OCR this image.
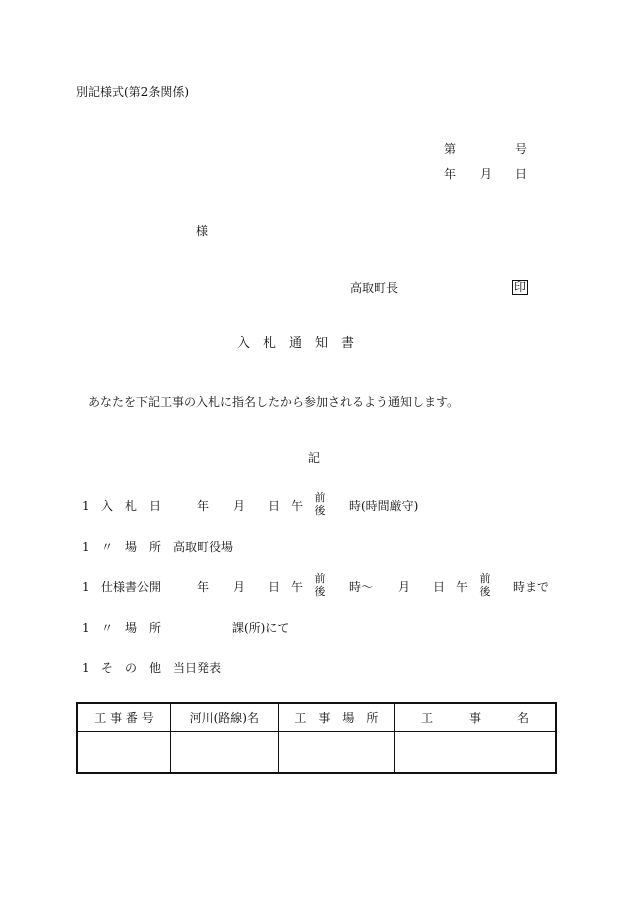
別記様式(第2条関係)
第	号
年 月 日
様
高取町長	印
入　札　通　知　書
あなたを下記工事の入札に指名したから参加されるよう通知します。
記
1 入　札　日	年 月 日 午
前
後 時(時間厳守)
1 〃　場　所 高取町役場
1 仕様書公開	年 月 日 午
前
後 時〜 月 日 午
前
後 時まで
1 〃　場　所	課(所)にて
1 そ　の　他 当日発表
工 事 番 号	河川(路線)名	工　事　場　所	工　　　事　　　名
